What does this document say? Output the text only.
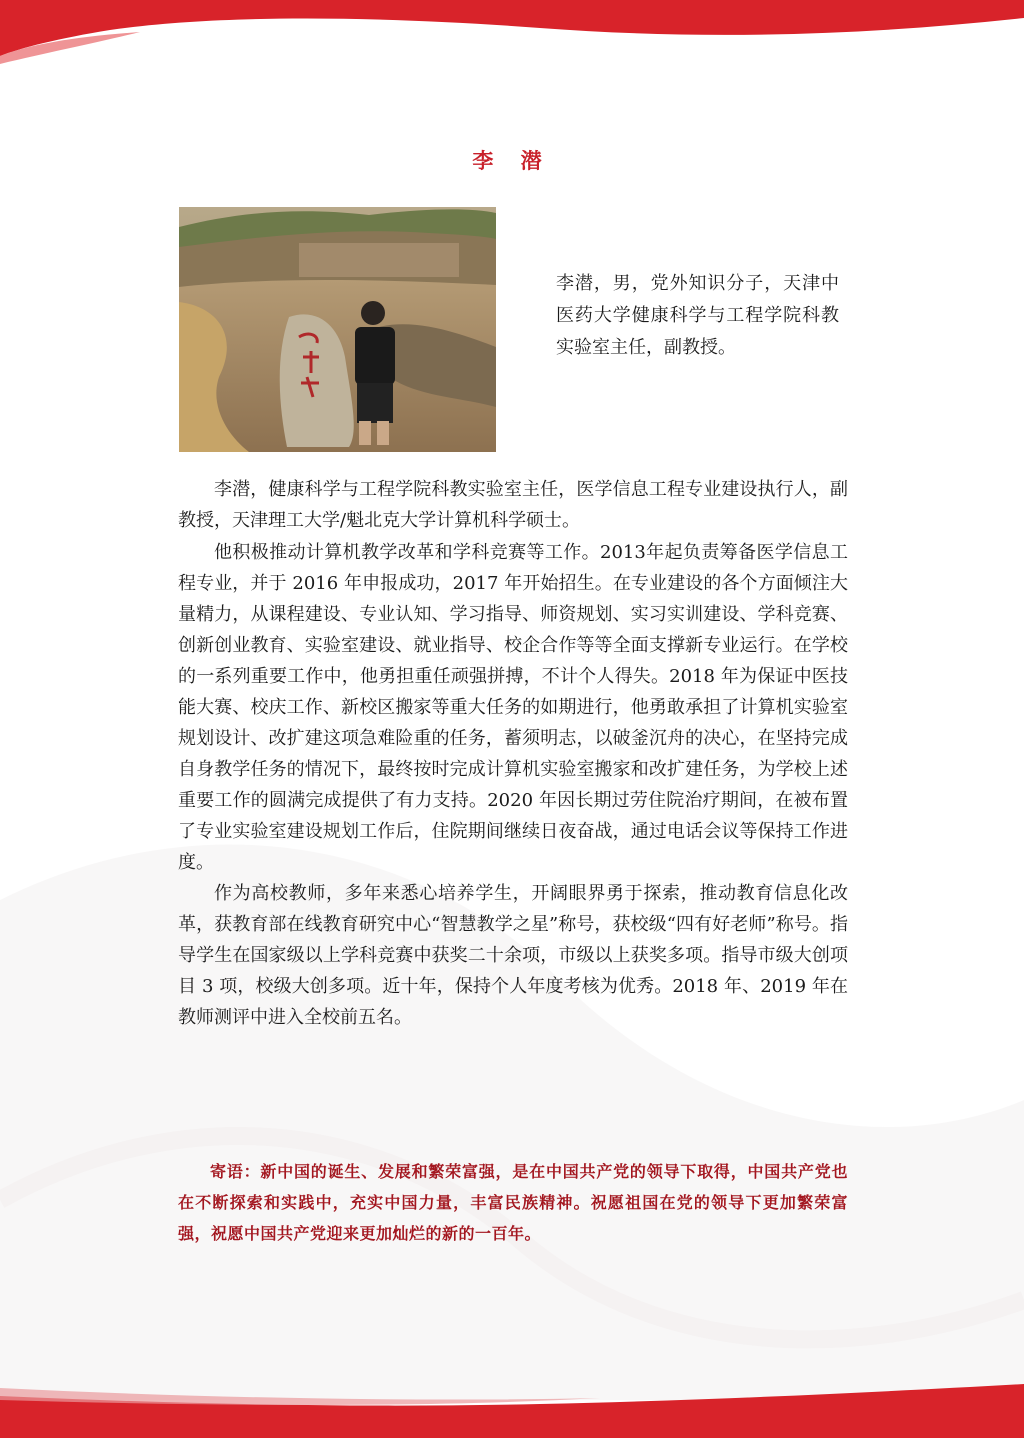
李 潜
李潜，男，党外知识分子，天津中医药大学健康科学与工程学院科教实验室主任，副教授。

李潜，健康科学与工程学院科教实验室主任，医学信息工程专业建设执行人，副教授，天津理工大学/魁北克大学计算机科学硕士。

他积极推动计算机教学改革和学科竞赛等工作。2013年起负责筹备医学信息工程专业，并于 2016 年申报成功，2017 年开始招生。在专业建设的各个方面倾注大量精力，从课程建设、专业认知、学习指导、师资规划、实习实训建设、学科竞赛、创新创业教育、实验室建设、就业指导、校企合作等等全面支撑新专业运行。在学校的一系列重要工作中，他勇担重任顽强拼搏，不计个人得失。2018 年为保证中医技能大赛、校庆工作、新校区搬家等重大任务的如期进行，他勇敢承担了计算机实验室规划设计、改扩建这项急难险重的任务，蓄须明志，以破釜沉舟的决心，在坚持完成自身教学任务的情况下，最终按时完成计算机实验室搬家和改扩建任务，为学校上述重要工作的圆满完成提供了有力支持。2020 年因长期过劳住院治疗期间，在被布置了专业实验室建设规划工作后，住院期间继续日夜奋战，通过电话会议等保持工作进度。

作为高校教师，多年来悉心培养学生，开阔眼界勇于探索，推动教育信息化改革，获教育部在线教育研究中心“智慧教学之星”称号，获校级“四有好老师”称号。指导学生在国家级以上学科竞赛中获奖二十余项，市级以上获奖多项。指导市级大创项目 3 项，校级大创多项。近十年，保持个人年度考核为优秀。2018 年、2019 年在教师测评中进入全校前五名。

寄语：新中国的诞生、发展和繁荣富强，是在中国共产党的领导下取得，中国共产党也在不断探索和实践中，充实中国力量，丰富民族精神。祝愿祖国在党的领导下更加繁荣富强，祝愿中国共产党迎来更加灿烂的新的一百年。
